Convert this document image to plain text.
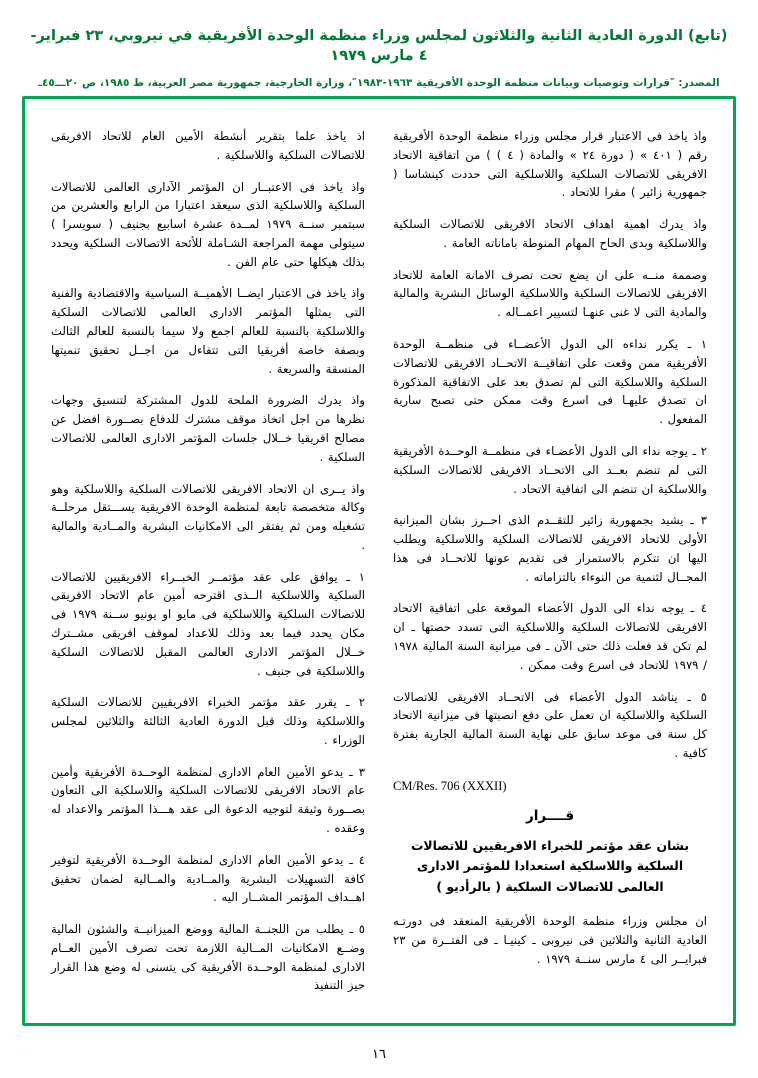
(تابع) الدورة العادية الثانية والثلاثون لمجلس وزراء منظمة الوحدة الأفريقية في نيروبي، ٢٣ فبراير- ٤ مارس ١٩٧٩
المصدر: ″قرارات وتوصيات وبيانات منظمة الوحدة الأفريقية ١٩٦٣-١٩٨٣″، وزارة الخارجية، جمهورية مصر العربية، ط ١٩٨٥، ص ٢٠ـــ٤٥ـ

واذ ياخذ فى الاعتبار قرار مجلس وزراء منظمة الوحدة الأفريقية رقم ( ٤٠١ » ( دورة ٢٤ » والمادة ( ٤ ) ) من اتفاقية الاتحاد الافريقى للاتصالات السلكية واللاسلكية التى حددت كينشاسا ( جمهورية زائير ) مقرا للاتحاد .

واذ يدرك اهمية اهداف الاتحاد الافريقى للاتصالات السلكية واللاسلكية وبدى الحاح المهام المنوطة باماناته العامة .

وصممة منــه على ان يضع تحت تصرف الامانة العامة للاتحاد الافريقى للاتصالات السلكية واللاسلكية الوسائل البشرية والمالية والمادية التى لا غنى عنهـا لتسيير اعمــاله .

١ ـ يكرر نداءه الى الدول الأعضــاء فى منظمــة الوحدة الأفريقية ممن وقعت على اتفاقيــة الاتحــاد الافريقى للاتصالات السلكية واللاسلكية التى لم تصدق بعد على الاتفاقية المذكورة ان تصدق عليهـا فى اسرع وقت ممكن حتى تصبح سارية المفعول .

٢ ـ يوجه نداء الى الدول الأعضـاء فى منظمــة الوحــدة الأفريقية التى لم تنضم بعــد الى الاتحــاد الافريقى للاتصالات السلكية واللاسلكية ان تنضم الى اتفاقية الاتحاد .

٣ ـ يشيد بجمهورية زائير للتقــدم الذى احــرز بشان الميزانية الأولى للاتحاد الافريقى للاتصالات السلكية واللاسلكية ويطلب اليها ان تتكرم بالاستمرار فى تقديم عونها للاتحــاد فى هذا المجــال لثنمية من النوءاء بالتزاماته .

٤ ـ يوجه نداء الى الدول الأعضاء الموقعة على اتفاقية الاتحاد الافريقى للاتصالات السلكية واللاسلكية التى تسدد حصتها ـ ان لم تكن قد فعلت ذلك حتى الآن ـ فى ميزانية السنة المالية ١٩٧٨ / ١٩٧٩ للاتحاد فى اسرع وقت ممكن .

٥ ـ يناشد الدول الأعضاء فى الاتحــاد الافريقى للاتصالات السلكية واللاسلكية ان تعمل على دفع انصبتها فى ميزانية الاتحاد كل سنة فى موعد سابق على نهاية السنة المالية الجارية بفترة كافية .

CM/Res. 706 (XXXII)
قــــرار
بشان عقد مؤتمر للخبراء الافريقيين للاتصالات السلكية واللاسلكية استعدادا للمؤتمر الادارى العالمى للاتصالات السلكية ( بالرأديو )

ان مجلس وزراء منظمة الوحدة الأفريقية المنعقد فى دورتـه العادية الثانية والثلاثين فى نيروبى ـ كينيـا ـ فى الفتــرة من ٢٣ فبرايــر الى ٤ مارس سنــة ١٩٧٩ .

اذ ياخذ علما بتقرير أنشطة الأمين العام للاتحاد الافريقى للاتصالات السلكية واللاسلكية .

واذ ياخذ فى الاعتبــار ان المؤتمر الآدارى العالمى للاتصالات السلكية واللاسلكية الذى سيعقد اعتبارا من الرابع والعشرين من سبتمبر سنــة ١٩٧٩ لمــدة عشرة اسابيع بجنيف ( سويسرا ) سيتولى مهمة المراجعة الشـاملة للأئحة الاتصالات السلكية ويحدد بذلك هيكلها حتى عام الفن .

واذ ياخذ فى الاعتبار ايضــا الأهميــة السياسية والاقتصادية والفنية التى يمثلها المؤتمر الادارى العالمى للاتصالات السلكية واللاسلكية بالنسبة للعالم اجمع ولا سيما بالنسبة للعالم الثالث وبصفة خاصة أفريقيا التى تتفاءل من اجــل تحقيق تنميتها المنسقة والسريعة .

واذ يدرك الضرورة الملحة للدول المشتركة لتنسيق وجهات نظرها من اجل اتخاذ موقف مشترك للدفاع بصــورة افضل عن مصالح افريقيا خــلال جلسات المؤتمر الادارى العالمى للاتصالات السلكية .

واذ يــرى ان الاتحاد الافريقى للاتصالات السلكية واللاسلكية وهو وكالة متخصصة تابعة لمنظمة الوحدة الافريقية يســـتقل مرحلــة تشغيله ومن ثم يفتقر الى الامكانيات البشرية والمــادية والمالية .

١ ـ يوافق على عقد مؤتمــر الخبــراء الافريقيين للاتصالات السلكية واللاسلكية الــذى اقترحه أمين عام الاتحاد الافريقى للاتصالات السلكية واللاسلكية فى مايو او يونيو ســنة ١٩٧٩ فى مكان يحدد فيما بعد وذلك للاعداد لموقف افريقى مشــترك خــلال المؤتمر الادارى العالمى المقبل للاتصالات السلكية واللاسلكية فى جنيف .

٢ ـ يقرر عقد مؤتمر الخبراء الافريقيين للاتصالات السلكية واللاسلكية وذلك قبل الدورة العادية الثالثة والثلاثين لمجلس الوزراء .

٣ ـ يدعو الأمين العام الادارى لمنظمة الوحــدة الأفريقية وأمين عام الاتحاد الافريقى للاتصالات السلكية واللاسلكية الى التعاون بصــورة وثيقة لتوجيه الدعوة الى عقد هـــذا المؤتمر والاعداد له وعقده .

٤ ـ يدعو الأمين العام الادارى لمنظمة الوحــدة الأفريقية لتوفير كافة التسهيلات البشرية والمــادية والمــالية لضمان تحقيق اهــداف المؤتمر المشــار اليه .

٥ ـ يطلب من اللجنــة المالية ووضع الميزانيــة والشئون المالية وضــع الامكانيات المــالية اللازمة تحت تصرف الأمين العــام الادارى لمنظمة الوحــدة الأفريقية كى يتسنى له وضع هذا القرار حيز التنفيذ

١٦
